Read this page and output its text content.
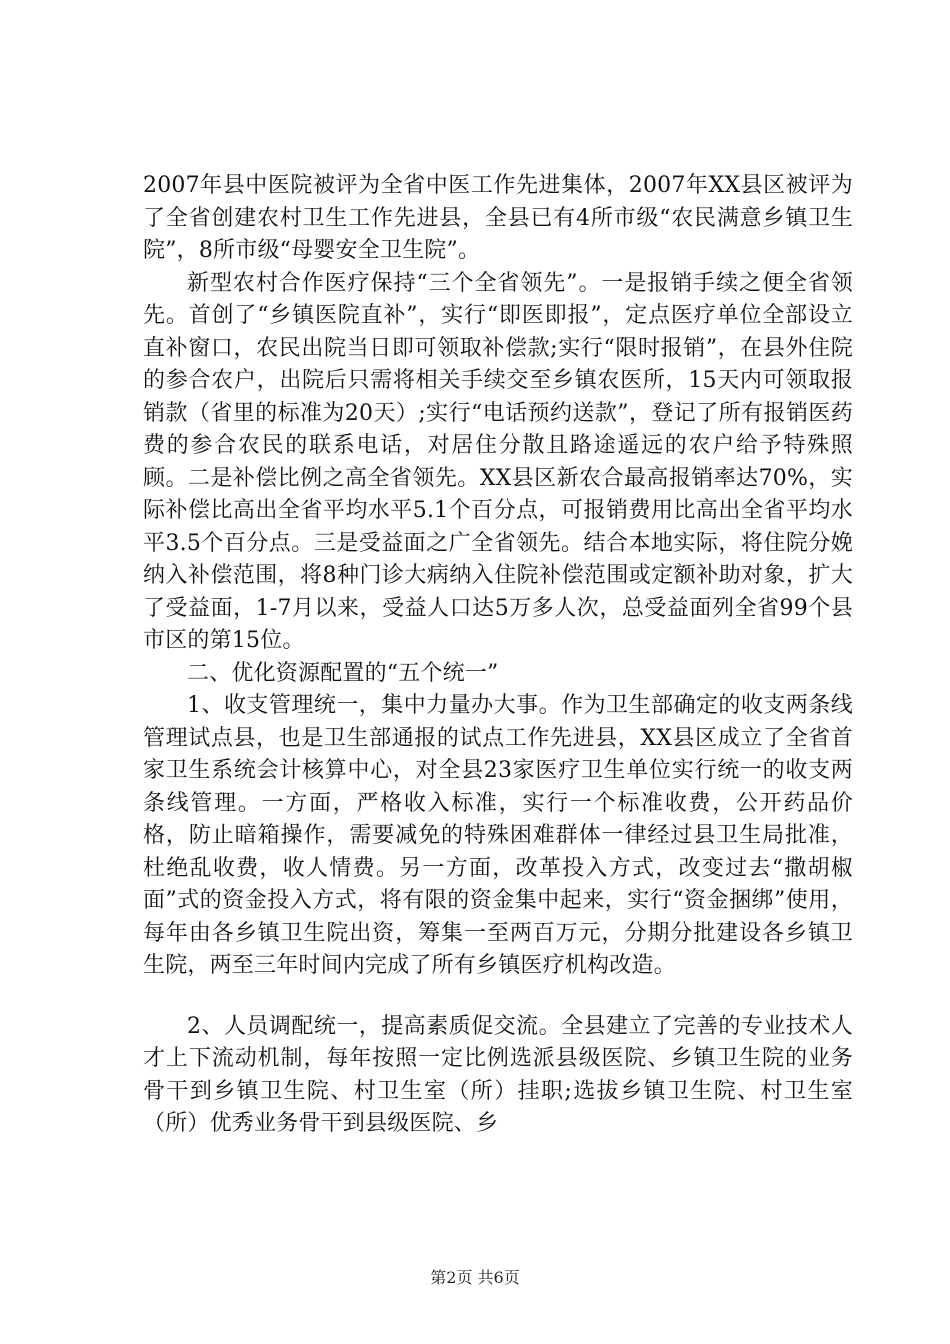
2007年县中医院被评为全省中医工作先进集体，2007年XX县区被评为了全省创建农村卫生工作先进县，全县已有4所市级“农民满意乡镇卫生院”，8所市级“母婴安全卫生院”。

新型农村合作医疗保持“三个全省领先”。一是报销手续之便全省领先。首创了“乡镇医院直补”，实行“即医即报”，定点医疗单位全部设立直补窗口，农民出院当日即可领取补偿款;实行“限时报销”，在县外住院的参合农户，出院后只需将相关手续交至乡镇农医所，15天内可领取报销款（省里的标准为20天）;实行“电话预约送款”，登记了所有报销医药费的参合农民的联系电话，对居住分散且路途遥远的农户给予特殊照顾。二是补偿比例之高全省领先。XX县区新农合最高报销率达70%，实际补偿比高出全省平均水平5.1个百分点，可报销费用比高出全省平均水平3.5个百分点。三是受益面之广全省领先。结合本地实际，将住院分娩纳入补偿范围，将8种门诊大病纳入住院补偿范围或定额补助对象，扩大了受益面，1-7月以来，受益人口达5万多人次，总受益面列全省99个县市区的第15位。

二、优化资源配置的“五个统一”

1、收支管理统一，集中力量办大事。作为卫生部确定的收支两条线管理试点县，也是卫生部通报的试点工作先进县，XX县区成立了全省首家卫生系统会计核算中心，对全县23家医疗卫生单位实行统一的收支两条线管理。一方面，严格收入标准，实行一个标准收费，公开药品价格，防止暗箱操作，需要减免的特殊困难群体一律经过县卫生局批准，杜绝乱收费，收人情费。另一方面，改革投入方式，改变过去“撒胡椒面”式的资金投入方式，将有限的资金集中起来，实行“资金捆绑”使用，每年由各乡镇卫生院出资，筹集一至两百万元，分期分批建设各乡镇卫生院，两至三年时间内完成了所有乡镇医疗机构改造。

2、人员调配统一，提高素质促交流。全县建立了完善的专业技术人才上下流动机制，每年按照一定比例选派县级医院、乡镇卫生院的业务骨干到乡镇卫生院、村卫生室（所）挂职;选拔乡镇卫生院、村卫生室（所）优秀业务骨干到县级医院、乡

第2页 共6页
